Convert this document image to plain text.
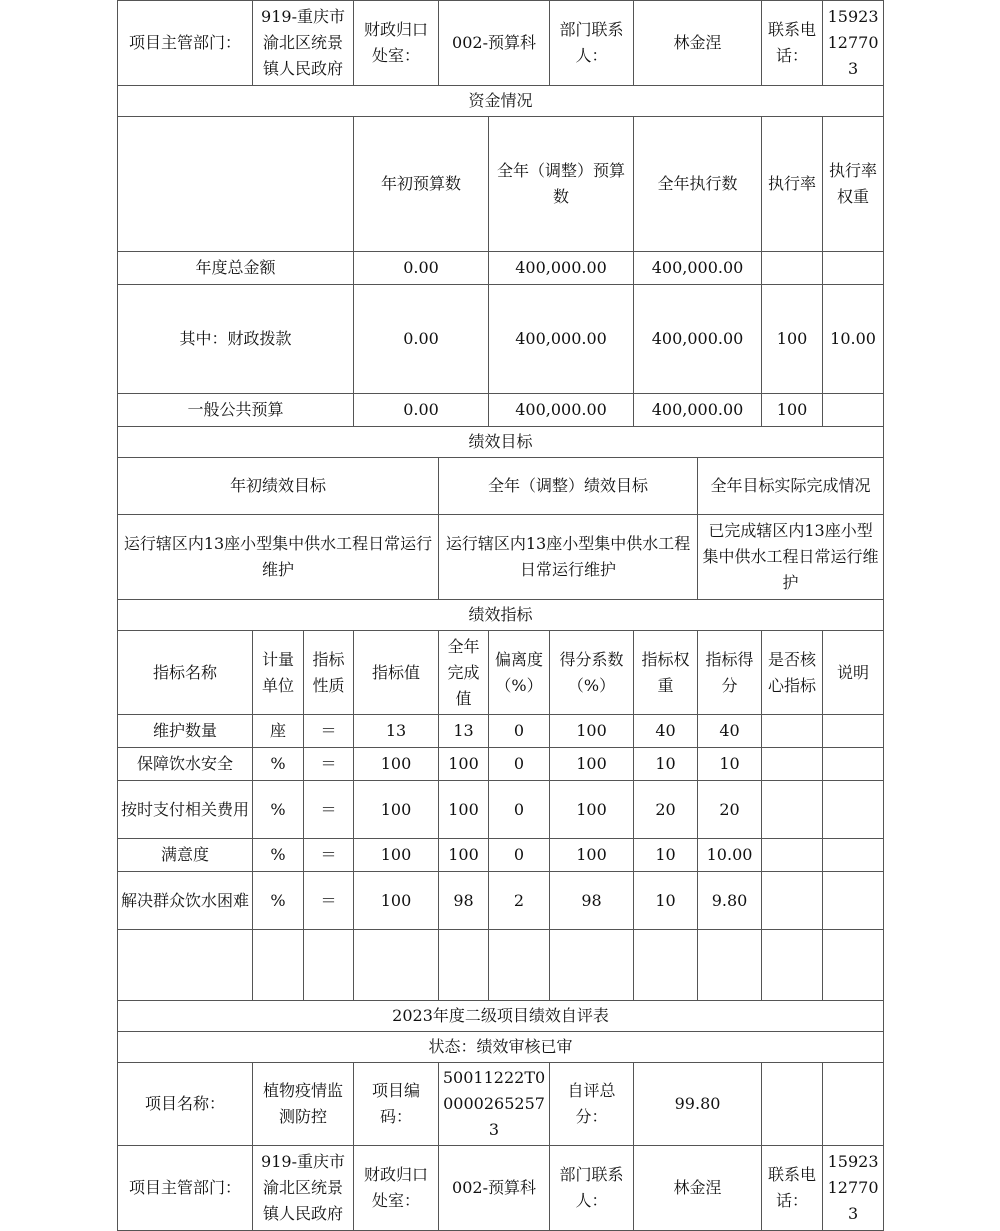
项目主管部门：	919-重庆市渝北区统景镇人民政府		财政归口处室：	002-预算科		部门联系人：	林金涅		联系电话：	15923127703	
资金情况											
			年初预算数		全年（调整）预算数		全年执行数		执行率	执行率权重	
年度总金额			0.00		400,000.00		400,000.00				
其中：财政拨款			0.00		400,000.00		400,000.00		100	10.00	
一般公共预算			0.00		400,000.00		400,000.00		100		
绩效目标											
年初绩效目标				全年（调整）绩效目标				全年目标实际完成情况			
运行辖区内13座小型集中供水工程日常运行维护				运行辖区内13座小型集中供水工程日常运行维护				已完成辖区内13座小型集中供水工程日常运行维护			
绩效指标											
指标名称	计量单位	指标性质	指标值	全年完成值	偏离度（%）	得分系数（%）	指标权重	指标得分	是否核心指标	说明	
维护数量	座	＝	13	13	0	100	40	40			
保障饮水安全	%	＝	100	100	0	100	10	10			
按时支付相关费用	%	＝	100	100	0	100	20	20			
满意度	%	＝	100	100	0	100	10	10.00			
解决群众饮水困难	%	＝	100	98	2	98	10	9.80			

2023年度二级项目绩效自评表											
状态：绩效审核已审											
项目名称：	植物疫情监测防控		项目编码：	50011222T000002652573		自评总分：	99.80				
项目主管部门：	919-重庆市渝北区统景镇人民政府		财政归口处室：	002-预算科		部门联系人：	林金涅		联系电话：	15923127703	
